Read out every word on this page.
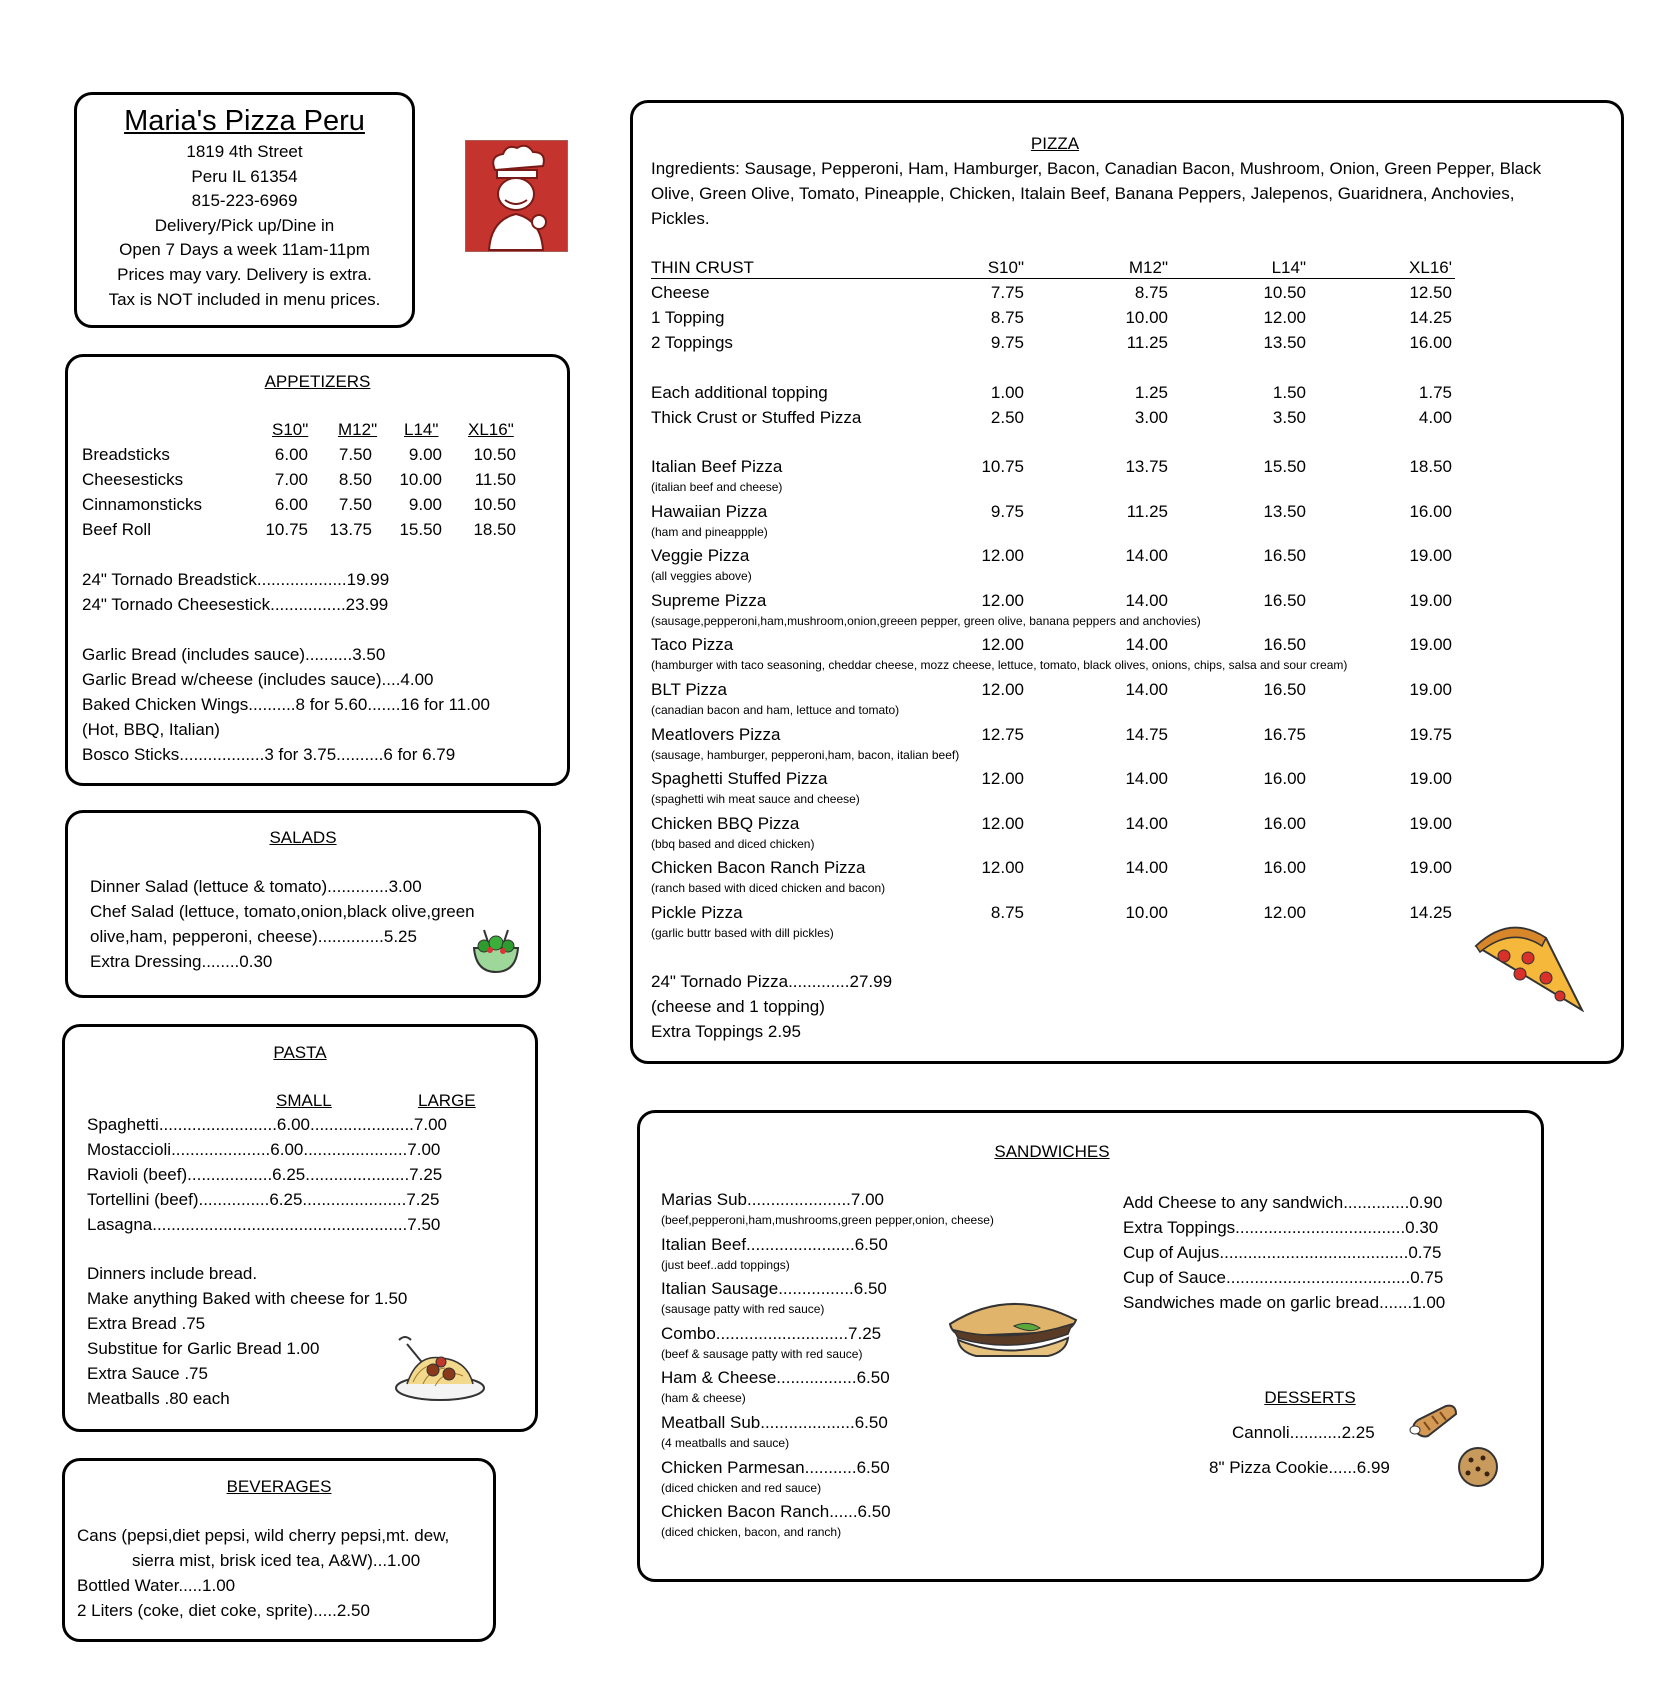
Maria's Pizza Peru
1819 4th Street
Peru IL 61354
815-223-6969
Delivery/Pick up/Dine in
Open 7 Days a week 11am-11pm
Prices may vary. Delivery is extra.
Tax is NOT included in menu prices.
APPETIZERS
S10" M12" L14" XL16"
Breadsticks	6.00	7.50	9.00	10.50
Cheesesticks	7.00	8.50	10.00	11.50
Cinnamonsticks	6.00	7.50	9.00	10.50
Beef Roll	10.75	13.75	15.50	18.50
24" Tornado Breadstick...................19.99
24" Tornado Cheesestick................23.99
Garlic Bread (includes sauce)..........3.50
Garlic Bread w/cheese (includes sauce)....4.00
Baked Chicken Wings..........8 for 5.60.......16 for 11.00
(Hot, BBQ, Italian)
Bosco Sticks..................3 for 3.75..........6 for 6.79
SALADS
Dinner Salad (lettuce & tomato).............3.00
Chef Salad (lettuce, tomato,onion,black olive,green
olive,ham, pepperoni, cheese)..............5.25
Extra Dressing........0.30
PASTA
SMALL	LARGE
Spaghetti.........................6.00......................7.00
Mostaccioli.....................6.00......................7.00
Ravioli (beef)..................6.25......................7.25
Tortellini (beef)...............6.25......................7.25
Lasagna......................................................7.50
Dinners include bread.
Make anything Baked with cheese for 1.50
Extra Bread .75
Substitue for Garlic Bread 1.00
Extra Sauce .75
Meatballs .80 each
BEVERAGES
Cans (pepsi,diet pepsi, wild cherry pepsi,mt. dew,
sierra mist, brisk iced tea, A&W)...1.00
Bottled Water.....1.00
2 Liters (coke, diet coke, sprite).....2.50
PIZZA
Ingredients: Sausage, Pepperoni, Ham, Hamburger, Bacon, Canadian Bacon, Mushroom, Onion, Green Pepper, Black
Olive, Green Olive, Tomato, Pineapple, Chicken, Italain Beef, Banana Peppers, Jalepenos, Guaridnera, Anchovies,
Pickles.
THIN CRUST	S10"	M12"	L14"	XL16'
Cheese	7.75	8.75	10.50	12.50
1 Topping	8.75	10.00	12.00	14.25
2 Toppings	9.75	11.25	13.50	16.00
Each additional topping	1.00	1.25	1.50	1.75
Thick Crust or Stuffed Pizza	2.50	3.00	3.50	4.00
Italian Beef Pizza	10.75	13.75	15.50	18.50
(italian beef and cheese)
Hawaiian Pizza	9.75	11.25	13.50	16.00
(ham and pineappple)
Veggie Pizza	12.00	14.00	16.50	19.00
(all veggies above)
Supreme Pizza	12.00	14.00	16.50	19.00
(sausage,pepperoni,ham,mushroom,onion,greeen pepper, green olive, banana peppers and anchovies)
Taco Pizza	12.00	14.00	16.50	19.00
(hamburger with taco seasoning, cheddar cheese, mozz cheese, lettuce, tomato, black olives, onions, chips, salsa and sour cream)
BLT Pizza	12.00	14.00	16.50	19.00
(canadian bacon and ham, lettuce and tomato)
Meatlovers Pizza	12.75	14.75	16.75	19.75
(sausage, hamburger, pepperoni,ham, bacon, italian beef)
Spaghetti Stuffed Pizza	12.00	14.00	16.00	19.00
(spaghetti wih meat sauce and cheese)
Chicken BBQ Pizza	12.00	14.00	16.00	19.00
(bbq based and diced chicken)
Chicken Bacon Ranch Pizza	12.00	14.00	16.00	19.00
(ranch based with diced chicken and bacon)
Pickle Pizza	8.75	10.00	12.00	14.25
(garlic buttr based with dill pickles)
24" Tornado Pizza.............27.99
(cheese and 1 topping)
Extra Toppings 2.95
SANDWICHES
Marias Sub......................7.00
(beef,pepperoni,ham,mushrooms,green pepper,onion, cheese)
Italian Beef.......................6.50
(just beef..add toppings)
Italian Sausage................6.50
(sausage patty with red sauce)
Combo............................7.25
(beef & sausage patty with red sauce)
Ham & Cheese.................6.50
(ham & cheese)
Meatball Sub....................6.50
(4 meatballs and sauce)
Chicken Parmesan...........6.50
(diced chicken and red sauce)
Chicken Bacon Ranch......6.50
(diced chicken, bacon, and ranch)
Add Cheese to any sandwich..............0.90
Extra Toppings....................................0.30
Cup of Aujus........................................0.75
Cup of Sauce.......................................0.75
Sandwiches made on garlic bread.......1.00
DESSERTS
Cannoli...........2.25
8" Pizza Cookie......6.99
